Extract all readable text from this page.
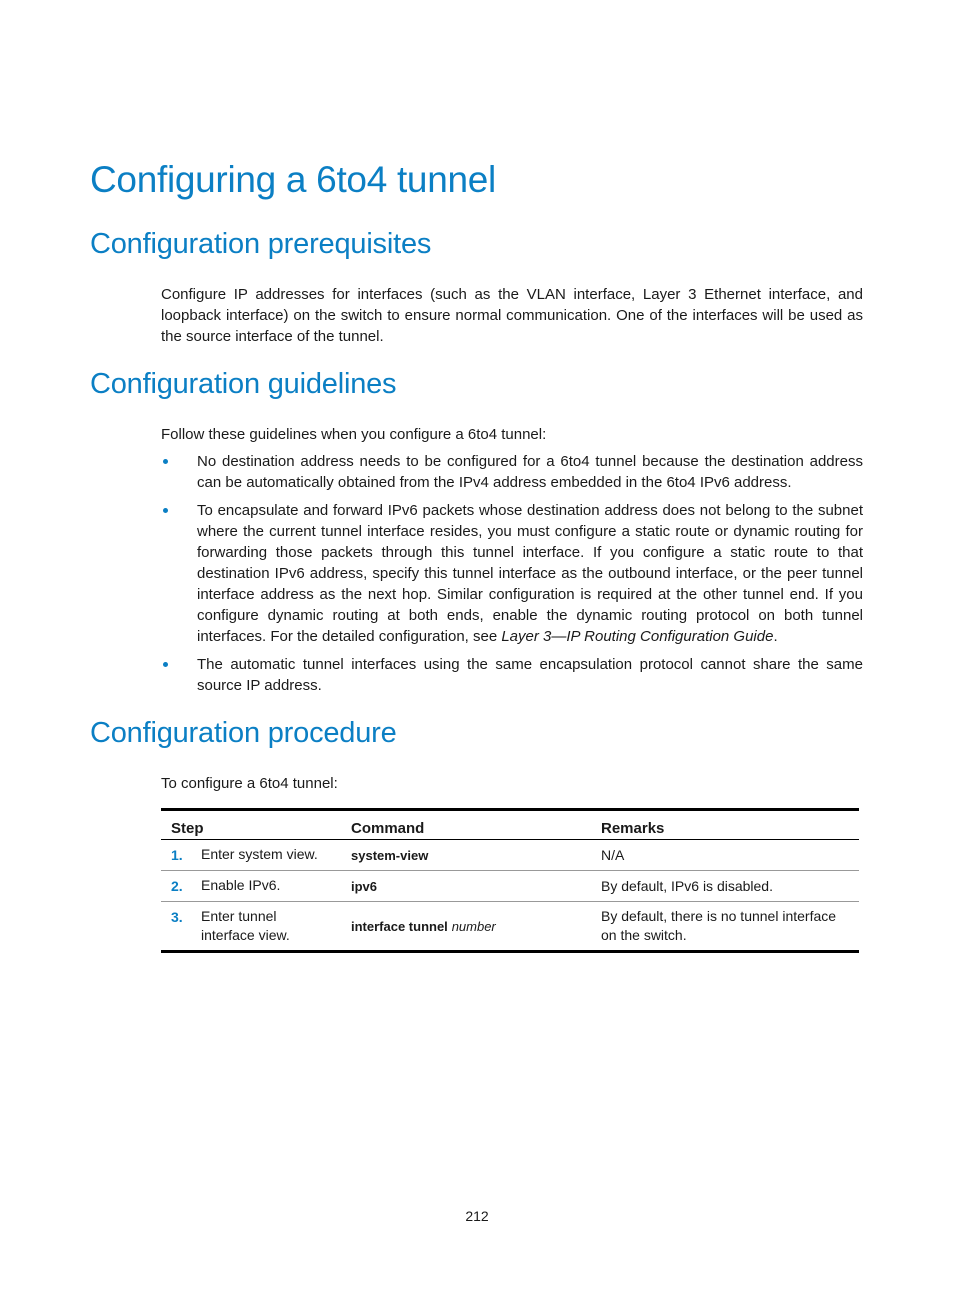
Configuring a 6to4 tunnel
Configuration prerequisites

Configure IP addresses for interfaces (such as the VLAN interface, Layer 3 Ethernet interface, and loopback interface) on the switch to ensure normal communication. One of the interfaces will be used as the source interface of the tunnel.

Configuration guidelines

Follow these guidelines when you configure a 6to4 tunnel:

No destination address needs to be configured for a 6to4 tunnel because the destination address can be automatically obtained from the IPv4 address embedded in the 6to4 IPv6 address.
To encapsulate and forward IPv6 packets whose destination address does not belong to the subnet where the current tunnel interface resides, you must configure a static route or dynamic routing for forwarding those packets through this tunnel interface. If you configure a static route to that destination IPv6 address, specify this tunnel interface as the outbound interface, or the peer tunnel interface address as the next hop. Similar configuration is required at the other tunnel end. If you configure dynamic routing at both ends, enable the dynamic routing protocol on both tunnel interfaces. For the detailed configuration, see Layer 3—IP Routing Configuration Guide.
The automatic tunnel interfaces using the same encapsulation protocol cannot share the same source IP address.
Configuration procedure

To configure a 6to4 tunnel:

Step		Command	Remarks
1.	Enter system view.	system-view	N/A
2.	Enable IPv6.	ipv6	By default, IPv6 is disabled.
3.	Enter tunnel interface view.	interface tunnel number	By default, there is no tunnel interface on the switch.
212
